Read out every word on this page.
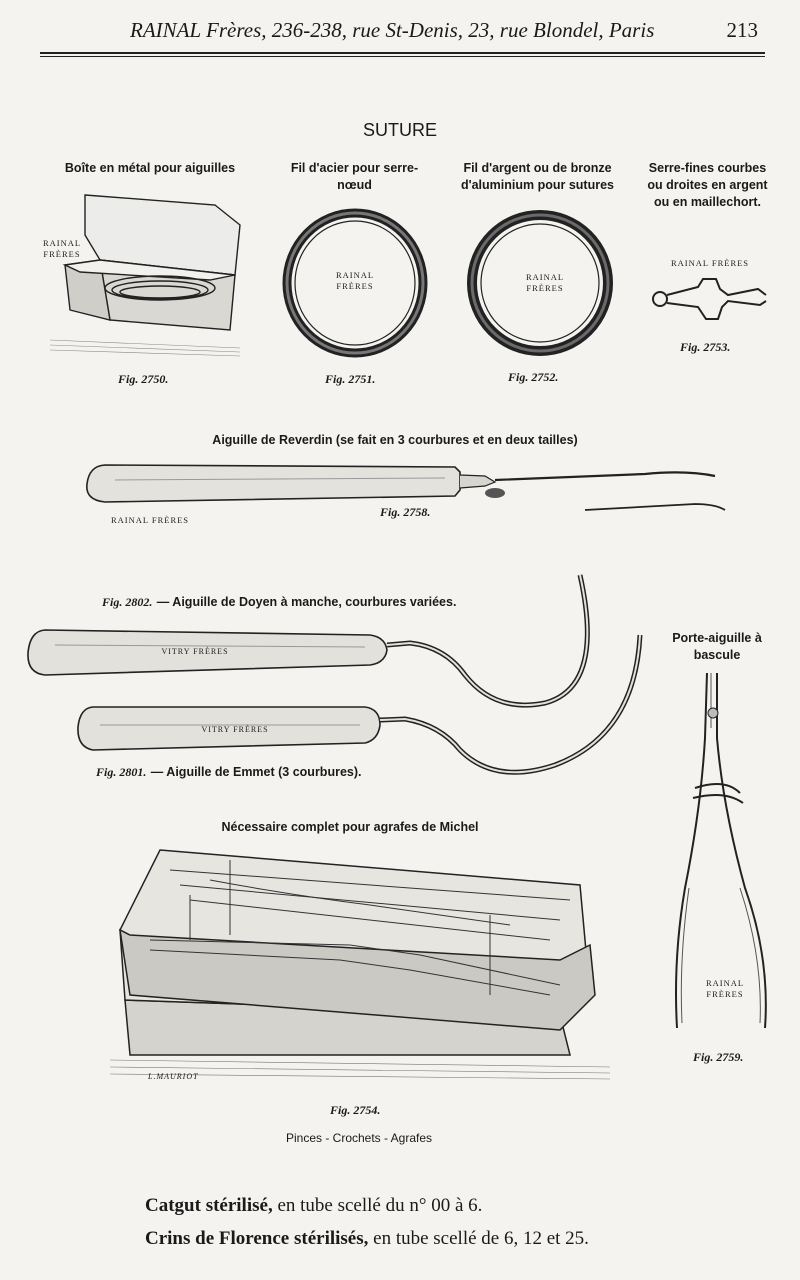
RAINAL Frères, 236-238, rue St-Denis, 23, rue Blondel, Paris	213
SUTURE
Boîte en métal pour aiguilles
RAINAL FRÈRES
Fig. 2750.
Fil d'acier pour serre-nœud
RAINAL FRÈRES
Fig. 2751.
Fil d'argent ou de bronze d'aluminium pour sutures
RAINAL FRÈRES
Fig. 2752.
Serre-fines courbes ou droites en argent ou en maillechort.
RAINAL FRÈRES
Fig. 2753.
Aiguille de Reverdin (se fait en 3 courbures et en deux tailles)
RAINAL FRÈRES
Fig. 2758.
Fig. 2802. — Aiguille de Doyen à manche, courbures variées.
VITRY FRÈRES
VITRY FRÈRES
Fig. 2801. — Aiguille de Emmet (3 courbures).
Porte-aiguille à bascule
RAINAL FRÈRES
Fig. 2759.
Nécessaire complet pour agrafes de Michel
L.MAURIOT
Fig. 2754.
Pinces - Crochets - Agrafes
Catgut stérilisé, en tube scellé du n° 00 à 6.
Crins de Florence stérilisés, en tube scellé de 6, 12 et 25.
